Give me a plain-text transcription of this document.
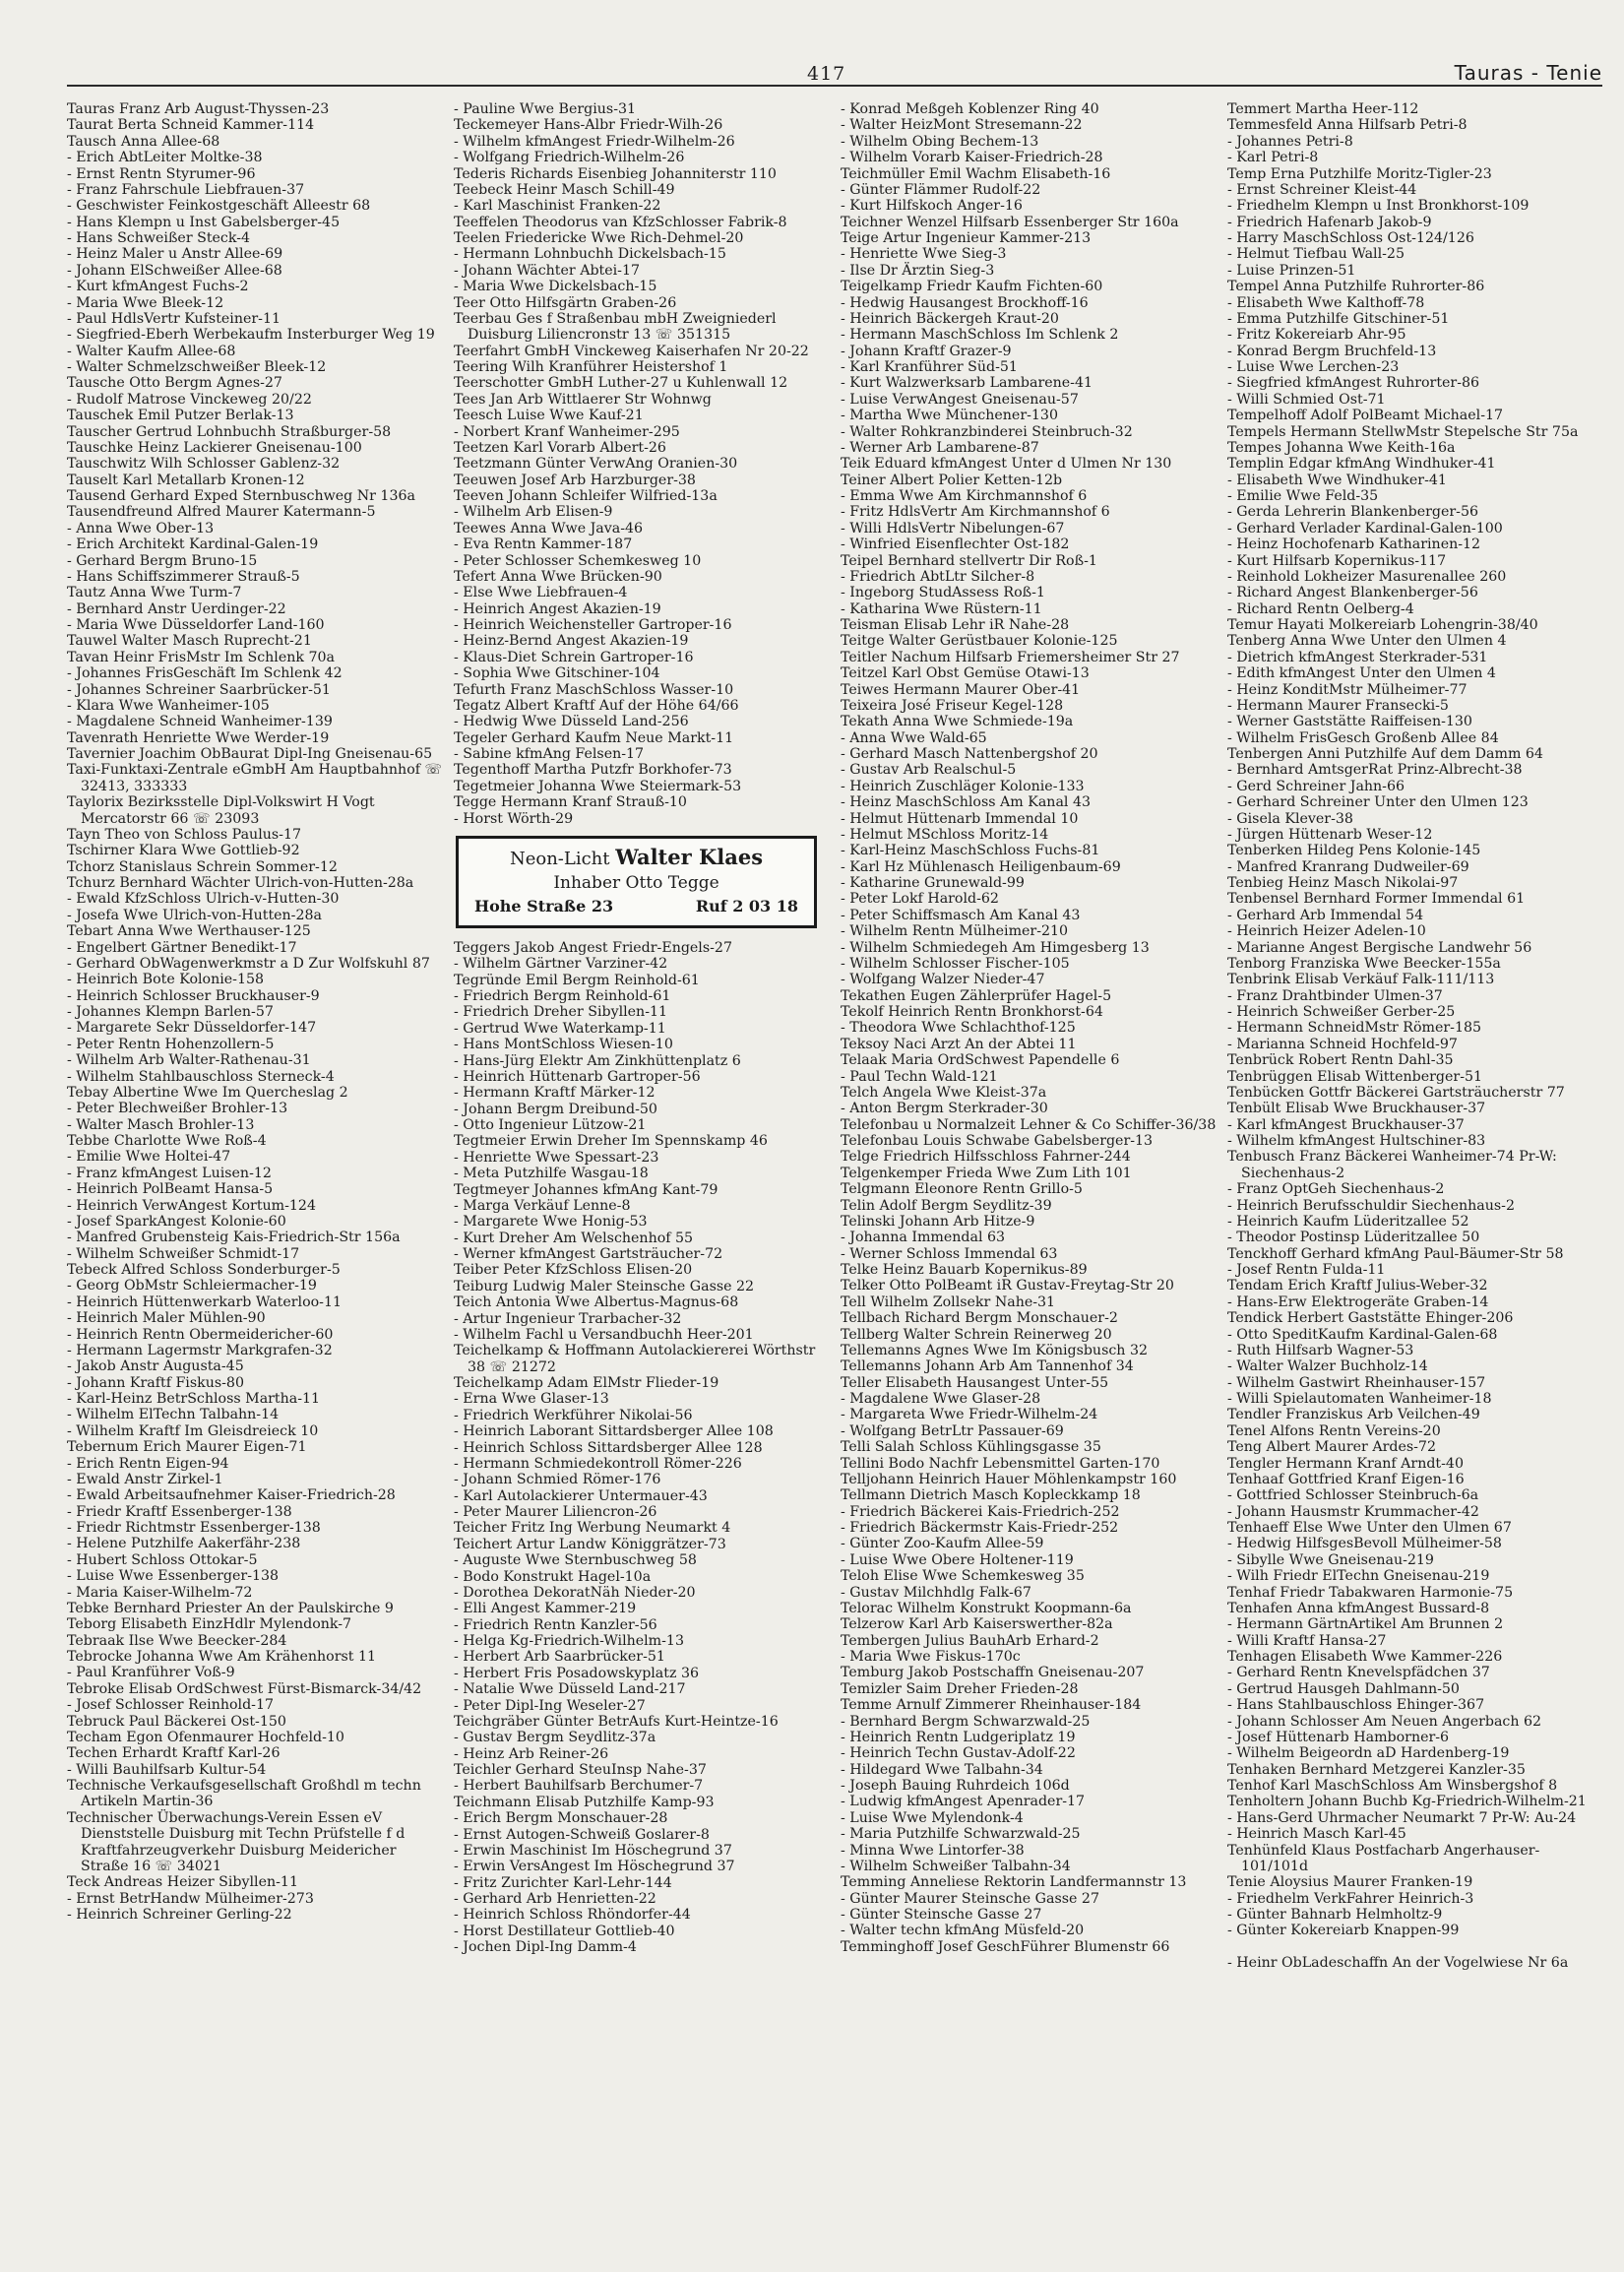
417	Tauras - Tenie
Tauras Franz Arb August-Thyssen-23
Taurat Berta Schneid Kammer-114
Tausch Anna Allee-68
- Erich AbtLeiter Moltke-38
- Ernst Rentn Styrumer-96
- Franz Fahrschule Liebfrauen-37
- Geschwister Feinkostgeschäft Alleestr 68
- Hans Klempn u Inst Gabelsberger-45
- Hans Schweißer Steck-4
- Heinz Maler u Anstr Allee-69
- Johann ElSchweißer Allee-68
- Kurt kfmAngest Fuchs-2
- Maria Wwe Bleek-12
- Paul HdlsVertr Kufsteiner-11
- Siegfried-Eberh Werbekaufm Insterburger Weg 19
- Walter Kaufm Allee-68
- Walter Schmelzschweißer Bleek-12
Tausche Otto Bergm Agnes-27
- Rudolf Matrose Vinckeweg 20/22
Tauschek Emil Putzer Berlak-13
Tauscher Gertrud Lohnbuchh Straßburger-58
Tauschke Heinz Lackierer Gneisenau-100
Tauschwitz Wilh Schlosser Gablenz-32
Tauselt Karl Metallarb Kronen-12
Tausend Gerhard Exped Sternbuschweg Nr 136a
Tausendfreund Alfred Maurer Katermann-5
- Anna Wwe Ober-13
- Erich Architekt Kardinal-Galen-19
- Gerhard Bergm Bruno-15
- Hans Schiffszimmerer Strauß-5
Tautz Anna Wwe Turm-7
- Bernhard Anstr Uerdinger-22
- Maria Wwe Düsseldorfer Land-160
Tauwel Walter Masch Ruprecht-21
Tavan Heinr FrisMstr Im Schlenk 70a
- Johannes FrisGeschäft Im Schlenk 42
- Johannes Schreiner Saarbrücker-51
- Klara Wwe Wanheimer-105
- Magdalene Schneid Wanheimer-139
Tavenrath Henriette Wwe Werder-19
Tavernier Joachim ObBaurat Dipl-Ing Gneisenau-65
Taxi-Funktaxi-Zentrale eGmbH Am Hauptbahnhof ☏ 32413, 333333
Taylorix Bezirksstelle Dipl-Volkswirt H Vogt Mercatorstr 66 ☏ 23093
Tayn Theo von Schloss Paulus-17
Tschirner Klara Wwe Gottlieb-92
Tchorz Stanislaus Schrein Sommer-12
Tchurz Bernhard Wächter Ulrich-von-Hutten-28a
- Ewald KfzSchloss Ulrich-v-Hutten-30
- Josefa Wwe Ulrich-von-Hutten-28a
Tebart Anna Wwe Werthauser-125
- Engelbert Gärtner Benedikt-17
- Gerhard ObWagenwerkmstr a D Zur Wolfskuhl 87
- Heinrich Bote Kolonie-158
- Heinrich Schlosser Bruckhauser-9
- Johannes Klempn Barlen-57
- Margarete Sekr Düsseldorfer-147
- Peter Rentn Hohenzollern-5
- Wilhelm Arb Walter-Rathenau-31
- Wilhelm Stahlbauschloss Sterneck-4
Tebay Albertine Wwe Im Quercheslag 2
- Peter Blechweißer Brohler-13
- Walter Masch Brohler-13
Tebbe Charlotte Wwe Roß-4
- Emilie Wwe Holtei-47
- Franz kfmAngest Luisen-12
- Heinrich PolBeamt Hansa-5
- Heinrich VerwAngest Kortum-124
- Josef SparkAngest Kolonie-60
- Manfred Grubensteig Kais-Friedrich-Str 156a
- Wilhelm Schweißer Schmidt-17
Tebeck Alfred Schloss Sonderburger-5
- Georg ObMstr Schleiermacher-19
- Heinrich Hüttenwerkarb Waterloo-11
- Heinrich Maler Mühlen-90
- Heinrich Rentn Obermeidericher-60
- Hermann Lagermstr Markgrafen-32
- Jakob Anstr Augusta-45
- Johann Kraftf Fiskus-80
- Karl-Heinz BetrSchloss Martha-11
- Wilhelm ElTechn Talbahn-14
- Wilhelm Kraftf Im Gleisdreieck 10
Tebernum Erich Maurer Eigen-71
- Erich Rentn Eigen-94
- Ewald Anstr Zirkel-1
- Ewald Arbeitsaufnehmer Kaiser-Friedrich-28
- Friedr Kraftf Essenberger-138
- Friedr Richtmstr Essenberger-138
- Helene Putzhilfe Aakerfähr-238
- Hubert Schloss Ottokar-5
- Luise Wwe Essenberger-138
- Maria Kaiser-Wilhelm-72
Tebke Bernhard Priester An der Paulskirche 9
Teborg Elisabeth EinzHdlr Mylendonk-7
Tebraak Ilse Wwe Beecker-284
Tebrocke Johanna Wwe Am Krähenhorst 11
- Paul Kranführer Voß-9
Tebroke Elisab OrdSchwest Fürst-Bismarck-34/42
- Josef Schlosser Reinhold-17
Tebruck Paul Bäckerei Ost-150
Techam Egon Ofenmaurer Hochfeld-10
Techen Erhardt Kraftf Karl-26
- Willi Bauhilfsarb Kultur-54
Technische Verkaufsgesellschaft Großhdl m techn Artikeln Martin-36
Technischer Überwachungs-Verein Essen eV Dienststelle Duisburg mit Techn Prüfstelle f d Kraftfahrzeugverkehr Duisburg Meidericher Straße 16 ☏ 34021
Teck Andreas Heizer Sibyllen-11
- Ernst BetrHandw Mülheimer-273
- Heinrich Schreiner Gerling-22
- Pauline Wwe Bergius-31
Teckemeyer Hans-Albr Friedr-Wilh-26
- Wilhelm kfmAngest Friedr-Wilhelm-26
- Wolfgang Friedrich-Wilhelm-26
Tederis Richards Eisenbieg Johanniterstr 110
Teebeck Heinr Masch Schill-49
- Karl Maschinist Franken-22
Teeffelen Theodorus van KfzSchlosser Fabrik-8
Teelen Friedericke Wwe Rich-Dehmel-20
- Hermann Lohnbuchh Dickelsbach-15
- Johann Wächter Abtei-17
- Maria Wwe Dickelsbach-15
Teer Otto Hilfsgärtn Graben-26
Teerbau Ges f Straßenbau mbH Zweigniederl Duisburg Liliencronstr 13 ☏ 351315
Teerfahrt GmbH Vinckeweg Kaiserhafen Nr 20-22
Teering Wilh Kranführer Heistershof 1
Teerschotter GmbH Luther-27 u Kuhlenwall 12
Tees Jan Arb Wittlaerer Str Wohnwg
Teesch Luise Wwe Kauf-21
- Norbert Kranf Wanheimer-295
Teetzen Karl Vorarb Albert-26
Teetzmann Günter VerwAng Oranien-30
Teeuwen Josef Arb Harzburger-38
Teeven Johann Schleifer Wilfried-13a
- Wilhelm Arb Elisen-9
Teewes Anna Wwe Java-46
- Eva Rentn Kammer-187
- Peter Schlosser Schemkesweg 10
Tefert Anna Wwe Brücken-90
- Else Wwe Liebfrauen-4
- Heinrich Angest Akazien-19
- Heinrich Weichensteller Gartroper-16
- Heinz-Bernd Angest Akazien-19
- Klaus-Diet Schrein Gartroper-16
- Sophia Wwe Gitschiner-104
Tefurth Franz MaschSchloss Wasser-10
Tegatz Albert Kraftf Auf der Höhe 64/66
- Hedwig Wwe Düsseld Land-256
Tegeler Gerhard Kaufm Neue Markt-11
- Sabine kfmAng Felsen-17
Tegenthoff Martha Putzfr Borkhofer-73
Tegetmeier Johanna Wwe Steiermark-53
Tegge Hermann Kranf Strauß-10
- Horst Wörth-29
Neon-Licht Walter Klaes
Inhaber Otto Tegge
Hohe Straße 23	Ruf 2 03 18
Teggers Jakob Angest Friedr-Engels-27
- Wilhelm Gärtner Varziner-42
Tegründe Emil Bergm Reinhold-61
- Friedrich Bergm Reinhold-61
- Friedrich Dreher Sibyllen-11
- Gertrud Wwe Waterkamp-11
- Hans MontSchloss Wiesen-10
- Hans-Jürg Elektr Am Zinkhüttenplatz 6
- Heinrich Hüttenarb Gartroper-56
- Hermann Kraftf Märker-12
- Johann Bergm Dreibund-50
- Otto Ingenieur Lützow-21
Tegtmeier Erwin Dreher Im Spennskamp 46
- Henriette Wwe Spessart-23
- Meta Putzhilfe Wasgau-18
Tegtmeyer Johannes kfmAng Kant-79
- Marga Verkäuf Lenne-8
- Margarete Wwe Honig-53
- Kurt Dreher Am Welschenhof 55
- Werner kfmAngest Gartsträucher-72
Teiber Peter KfzSchloss Elisen-20
Teiburg Ludwig Maler Steinsche Gasse 22
Teich Antonia Wwe Albertus-Magnus-68
- Artur Ingenieur Trarbacher-32
- Wilhelm Fachl u Versandbuchh Heer-201
Teichelkamp & Hoffmann Autolackiererei Wörthstr 38 ☏ 21272
Teichelkamp Adam ElMstr Flieder-19
- Erna Wwe Glaser-13
- Friedrich Werkführer Nikolai-56
- Heinrich Laborant Sittardsberger Allee 108
- Heinrich Schloss Sittardsberger Allee 128
- Hermann Schmiedekontroll Römer-226
- Johann Schmied Römer-176
- Karl Autolackierer Untermauer-43
- Peter Maurer Liliencron-26
Teicher Fritz Ing Werbung Neumarkt 4
Teichert Artur Landw Königgrätzer-73
- Auguste Wwe Sternbuschweg 58
- Bodo Konstrukt Hagel-10a
- Dorothea DekoratNäh Nieder-20
- Elli Angest Kammer-219
- Friedrich Rentn Kanzler-56
- Helga Kg-Friedrich-Wilhelm-13
- Herbert Arb Saarbrücker-51
- Herbert Fris Posadowskyplatz 36
- Natalie Wwe Düsseld Land-217
- Peter Dipl-Ing Weseler-27
Teichgräber Günter BetrAufs Kurt-Heintze-16
- Gustav Bergm Seydlitz-37a
- Heinz Arb Reiner-26
Teichler Gerhard SteuInsp Nahe-37
- Herbert Bauhilfsarb Berchumer-7
Teichmann Elisab Putzhilfe Kamp-93
- Erich Bergm Monschauer-28
- Ernst Autogen-Schweiß Goslarer-8
- Erwin Maschinist Im Höschegrund 37
- Erwin VersAngest Im Höschegrund 37
- Fritz Zurichter Karl-Lehr-144
- Gerhard Arb Henrietten-22
- Heinrich Schloss Rhöndorfer-44
- Horst Destillateur Gottlieb-40
- Jochen Dipl-Ing Damm-4
- Konrad Meßgeh Koblenzer Ring 40
- Walter HeizMont Stresemann-22
- Wilhelm Obing Bechem-13
- Wilhelm Vorarb Kaiser-Friedrich-28
Teichmüller Emil Wachm Elisabeth-16
- Günter Flämmer Rudolf-22
- Kurt Hilfskoch Anger-16
Teichner Wenzel Hilfsarb Essenberger Str 160a
Teige Artur Ingenieur Kammer-213
- Henriette Wwe Sieg-3
- Ilse Dr Ärztin Sieg-3
Teigelkamp Friedr Kaufm Fichten-60
- Hedwig Hausangest Brockhoff-16
- Heinrich Bäckergeh Kraut-20
- Hermann MaschSchloss Im Schlenk 2
- Johann Kraftf Grazer-9
- Karl Kranführer Süd-51
- Kurt Walzwerksarb Lambarene-41
- Luise VerwAngest Gneisenau-57
- Martha Wwe Münchener-130
- Walter Rohkranzbinderei Steinbruch-32
- Werner Arb Lambarene-87
Teik Eduard kfmAngest Unter d Ulmen Nr 130
Teiner Albert Polier Ketten-12b
- Emma Wwe Am Kirchmannshof 6
- Fritz HdlsVertr Am Kirchmannshof 6
- Willi HdlsVertr Nibelungen-67
- Winfried Eisenflechter Ost-182
Teipel Bernhard stellvertr Dir Roß-1
- Friedrich AbtLtr Silcher-8
- Ingeborg StudAssess Roß-1
- Katharina Wwe Rüstern-11
Teisman Elisab Lehr iR Nahe-28
Teitge Walter Gerüstbauer Kolonie-125
Teitler Nachum Hilfsarb Friemersheimer Str 27
Teitzel Karl Obst Gemüse Otawi-13
Teiwes Hermann Maurer Ober-41
Teixeira José Friseur Kegel-128
Tekath Anna Wwe Schmiede-19a
- Anna Wwe Wald-65
- Gerhard Masch Nattenbergshof 20
- Gustav Arb Realschul-5
- Heinrich Zuschläger Kolonie-133
- Heinz MaschSchloss Am Kanal 43
- Helmut Hüttenarb Immendal 10
- Helmut MSchloss Moritz-14
- Karl-Heinz MaschSchloss Fuchs-81
- Karl Hz Mühlenasch Heiligenbaum-69
- Katharine Grunewald-99
- Peter Lokf Harold-62
- Peter Schiffsmasch Am Kanal 43
- Wilhelm Rentn Mülheimer-210
- Wilhelm Schmiedegeh Am Himgesberg 13
- Wilhelm Schlosser Fischer-105
- Wolfgang Walzer Nieder-47
Tekathen Eugen Zählerprüfer Hagel-5
Tekolf Heinrich Rentn Bronkhorst-64
- Theodora Wwe Schlachthof-125
Teksoy Naci Arzt An der Abtei 11
Telaak Maria OrdSchwest Papendelle 6
- Paul Techn Wald-121
Telch Angela Wwe Kleist-37a
- Anton Bergm Sterkrader-30
Telefonbau u Normalzeit Lehner & Co Schiffer-36/38
Telefonbau Louis Schwabe Gabelsberger-13
Telge Friedrich Hilfsschloss Fahrner-244
Telgenkemper Frieda Wwe Zum Lith 101
Telgmann Eleonore Rentn Grillo-5
Telin Adolf Bergm Seydlitz-39
Telinski Johann Arb Hitze-9
- Johanna Immendal 63
- Werner Schloss Immendal 63
Telke Heinz Bauarb Kopernikus-89
Telker Otto PolBeamt iR Gustav-Freytag-Str 20
Tell Wilhelm Zollsekr Nahe-31
Tellbach Richard Bergm Monschauer-2
Tellberg Walter Schrein Reinerweg 20
Tellemanns Agnes Wwe Im Königsbusch 32
Tellemanns Johann Arb Am Tannenhof 34
Teller Elisabeth Hausangest Unter-55
- Magdalene Wwe Glaser-28
- Margareta Wwe Friedr-Wilhelm-24
- Wolfgang BetrLtr Passauer-69
Telli Salah Schloss Kühlingsgasse 35
Tellini Bodo Nachfr Lebensmittel Garten-170
Telljohann Heinrich Hauer Möhlenkampstr 160
Tellmann Dietrich Masch Kopleckkamp 18
- Friedrich Bäckerei Kais-Friedrich-252
- Friedrich Bäckermstr Kais-Friedr-252
- Günter Zoo-Kaufm Allee-59
- Luise Wwe Obere Holtener-119
Teloh Elise Wwe Schemkesweg 35
- Gustav Milchhdlg Falk-67
Telorac Wilhelm Konstrukt Koopmann-6a
Telzerow Karl Arb Kaiserswerther-82a
Tembergen Julius BauhArb Erhard-2
- Maria Wwe Fiskus-170c
Temburg Jakob Postschaffn Gneisenau-207
Temizler Saim Dreher Frieden-28
Temme Arnulf Zimmerer Rheinhauser-184
- Bernhard Bergm Schwarzwald-25
- Heinrich Rentn Ludgeriplatz 19
- Heinrich Techn Gustav-Adolf-22
- Hildegard Wwe Talbahn-34
- Joseph Bauing Ruhrdeich 106d
- Ludwig kfmAngest Apenrader-17
- Luise Wwe Mylendonk-4
- Maria Putzhilfe Schwarzwald-25
- Minna Wwe Lintorfer-38
- Wilhelm Schweißer Talbahn-34
Temming Anneliese Rektorin Landfermannstr 13
- Günter Maurer Steinsche Gasse 27
- Günter Steinsche Gasse 27
- Walter techn kfmAng Müsfeld-20
Temminghoff Josef GeschFührer Blumenstr 66
Temmert Martha Heer-112
Temmesfeld Anna Hilfsarb Petri-8
- Johannes Petri-8
- Karl Petri-8
Temp Erna Putzhilfe Moritz-Tigler-23
- Ernst Schreiner Kleist-44
- Friedhelm Klempn u Inst Bronkhorst-109
- Friedrich Hafenarb Jakob-9
- Harry MaschSchloss Ost-124/126
- Helmut Tiefbau Wall-25
- Luise Prinzen-51
Tempel Anna Putzhilfe Ruhrorter-86
- Elisabeth Wwe Kalthoff-78
- Emma Putzhilfe Gitschiner-51
- Fritz Kokereiarb Ahr-95
- Konrad Bergm Bruchfeld-13
- Luise Wwe Lerchen-23
- Siegfried kfmAngest Ruhrorter-86
- Willi Schmied Ost-71
Tempelhoff Adolf PolBeamt Michael-17
Tempels Hermann StellwMstr Stepelsche Str 75a
Tempes Johanna Wwe Keith-16a
Templin Edgar kfmAng Windhuker-41
- Elisabeth Wwe Windhuker-41
- Emilie Wwe Feld-35
- Gerda Lehrerin Blankenberger-56
- Gerhard Verlader Kardinal-Galen-100
- Heinz Hochofenarb Katharinen-12
- Kurt Hilfsarb Kopernikus-117
- Reinhold Lokheizer Masurenallee 260
- Richard Angest Blankenberger-56
- Richard Rentn Oelberg-4
Temur Hayati Molkereiarb Lohengrin-38/40
Tenberg Anna Wwe Unter den Ulmen 4
- Dietrich kfmAngest Sterkrader-531
- Edith kfmAngest Unter den Ulmen 4
- Heinz KonditMstr Mülheimer-77
- Hermann Maurer Fransecki-5
- Werner Gaststätte Raiffeisen-130
- Wilhelm FrisGesch Großenb Allee 84
Tenbergen Anni Putzhilfe Auf dem Damm 64
- Bernhard AmtsgerRat Prinz-Albrecht-38
- Gerd Schreiner Jahn-66
- Gerhard Schreiner Unter den Ulmen 123
- Gisela Klever-38
- Jürgen Hüttenarb Weser-12
Tenberken Hildeg Pens Kolonie-145
- Manfred Kranrang Dudweiler-69
Tenbieg Heinz Masch Nikolai-97
Tenbensel Bernhard Former Immendal 61
- Gerhard Arb Immendal 54
- Heinrich Heizer Adelen-10
- Marianne Angest Bergische Landwehr 56
Tenborg Franziska Wwe Beecker-155a
Tenbrink Elisab Verkäuf Falk-111/113
- Franz Drahtbinder Ulmen-37
- Heinrich Schweißer Gerber-25
- Hermann SchneidMstr Römer-185
- Marianna Schneid Hochfeld-97
Tenbrück Robert Rentn Dahl-35
Tenbrüggen Elisab Wittenberger-51
Tenbücken Gottfr Bäckerei Gartsträucherstr 77
Tenbült Elisab Wwe Bruckhauser-37
- Karl kfmAngest Bruckhauser-37
- Wilhelm kfmAngest Hultschiner-83
Tenbusch Franz Bäckerei Wanheimer-74 Pr-W: Siechenhaus-2
- Franz OptGeh Siechenhaus-2
- Heinrich Berufsschuldir Siechenhaus-2
- Heinrich Kaufm Lüderitzallee 52
- Theodor Postinsp Lüderitzallee 50
Tenckhoff Gerhard kfmAng Paul-Bäumer-Str 58
- Josef Rentn Fulda-11
Tendam Erich Kraftf Julius-Weber-32
- Hans-Erw Elektrogeräte Graben-14
Tendick Herbert Gaststätte Ehinger-206
- Otto SpeditKaufm Kardinal-Galen-68
- Ruth Hilfsarb Wagner-53
- Walter Walzer Buchholz-14
- Wilhelm Gastwirt Rheinhauser-157
- Willi Spielautomaten Wanheimer-18
Tendler Franziskus Arb Veilchen-49
Tenel Alfons Rentn Vereins-20
Teng Albert Maurer Ardes-72
Tengler Hermann Kranf Arndt-40
Tenhaaf Gottfried Kranf Eigen-16
- Gottfried Schlosser Steinbruch-6a
- Johann Hausmstr Krummacher-42
Tenhaeff Else Wwe Unter den Ulmen 67
- Hedwig HilfsgesBevoll Mülheimer-58
- Sibylle Wwe Gneisenau-219
- Wilh Friedr ElTechn Gneisenau-219
Tenhaf Friedr Tabakwaren Harmonie-75
Tenhafen Anna kfmAngest Bussard-8
- Hermann GärtnArtikel Am Brunnen 2
- Willi Kraftf Hansa-27
Tenhagen Elisabeth Wwe Kammer-226
- Gerhard Rentn Knevelspfädchen 37
- Gertrud Hausgeh Dahlmann-50
- Hans Stahlbauschloss Ehinger-367
- Johann Schlosser Am Neuen Angerbach 62
- Josef Hüttenarb Hamborner-6
- Wilhelm Beigeordn aD Hardenberg-19
Tenhaken Bernhard Metzgerei Kanzler-35
Tenhof Karl MaschSchloss Am Winsbergshof 8
Tenholtern Johann Buchb Kg-Friedrich-Wilhelm-21
- Hans-Gerd Uhrmacher Neumarkt 7 Pr-W: Au-24
- Heinrich Masch Karl-45
Tenhünfeld Klaus Postfacharb Angerhauser-101/101d
Tenie Aloysius Maurer Franken-19
- Friedhelm VerkFahrer Heinrich-3
- Günter Bahnarb Helmholtz-9
- Günter Kokereiarb Knappen-99

- Heinr ObLadeschaffn An der Vogelwiese Nr 6a
